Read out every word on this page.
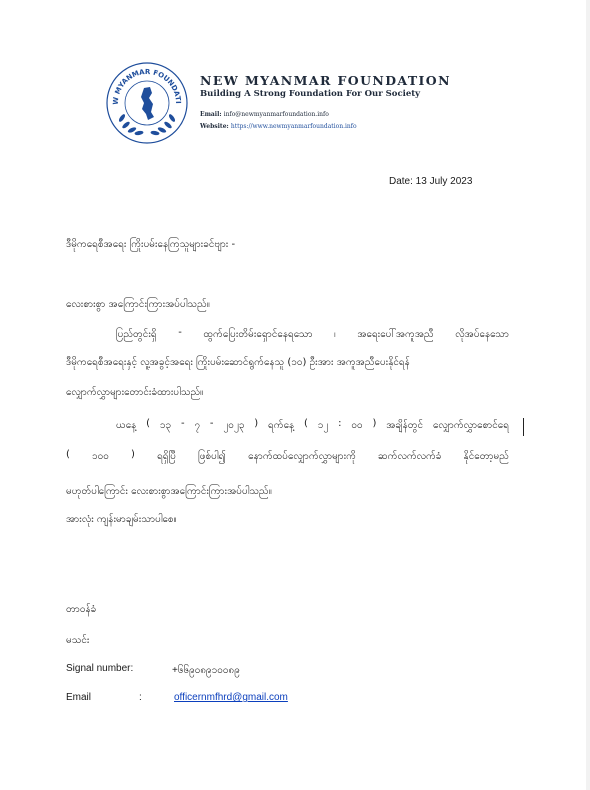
W MYANMAR FOUNDATI
NEW MYANMAR FOUNDATION
Building A Strong Foundation For Our Society
Email: info@newmyanmarfoundation.info
Website: https://www.newmyanmarfoundation.info
Date: 13 July 2023
ဒီမိုကရေစီအရေး ကြိုးပမ်းနေကြသူများခင်ဗျား -
လေးစားစွာ အကြောင်းကြားအပ်ပါသည်။
ပြည်တွင်းရှိ - ထွက်ပြေးတိမ်းရှောင်နေရသော ၊ အရေးပေါ်အကူအညီ လိုအပ်နေသော
ဒီမိုကရေစီအရေးနှင့် လူ့အခွင့်အရေး ကြိုးပမ်းဆောင်ရွက်နေသူ (၁၀) ဦးအား အကူအညီပေးနိုင်ရန်
လျှောက်လွှာများတောင်းခံထားပါသည်။
ယနေ့ ( ၁၃ - ၇ - ၂၀၂၃ ) ရက်နေ့ ( ၁၂ : ၀၀ ) အချိန်တွင် လျှောက်လွှာစောင်ရေ
( ၁၀၀ ) ရရှိပြီ ဖြစ်ပါ၍ နောက်ထပ်လျှောက်လွှာများကို ဆက်လက်လက်ခံ နိုင်တော့မည်
မဟုတ်ပါကြောင်း လေးစားစွာအကြောင်းကြားအပ်ပါသည်။
အားလုံး ကျန်းမာချမ်းသာပါစေ။
တာဝန်ခံ
မသင်း
Signal number:	+၆၆၉၀၈၉၁၀၀၈၉
Email	:	officernmfhrd@gmail.com
